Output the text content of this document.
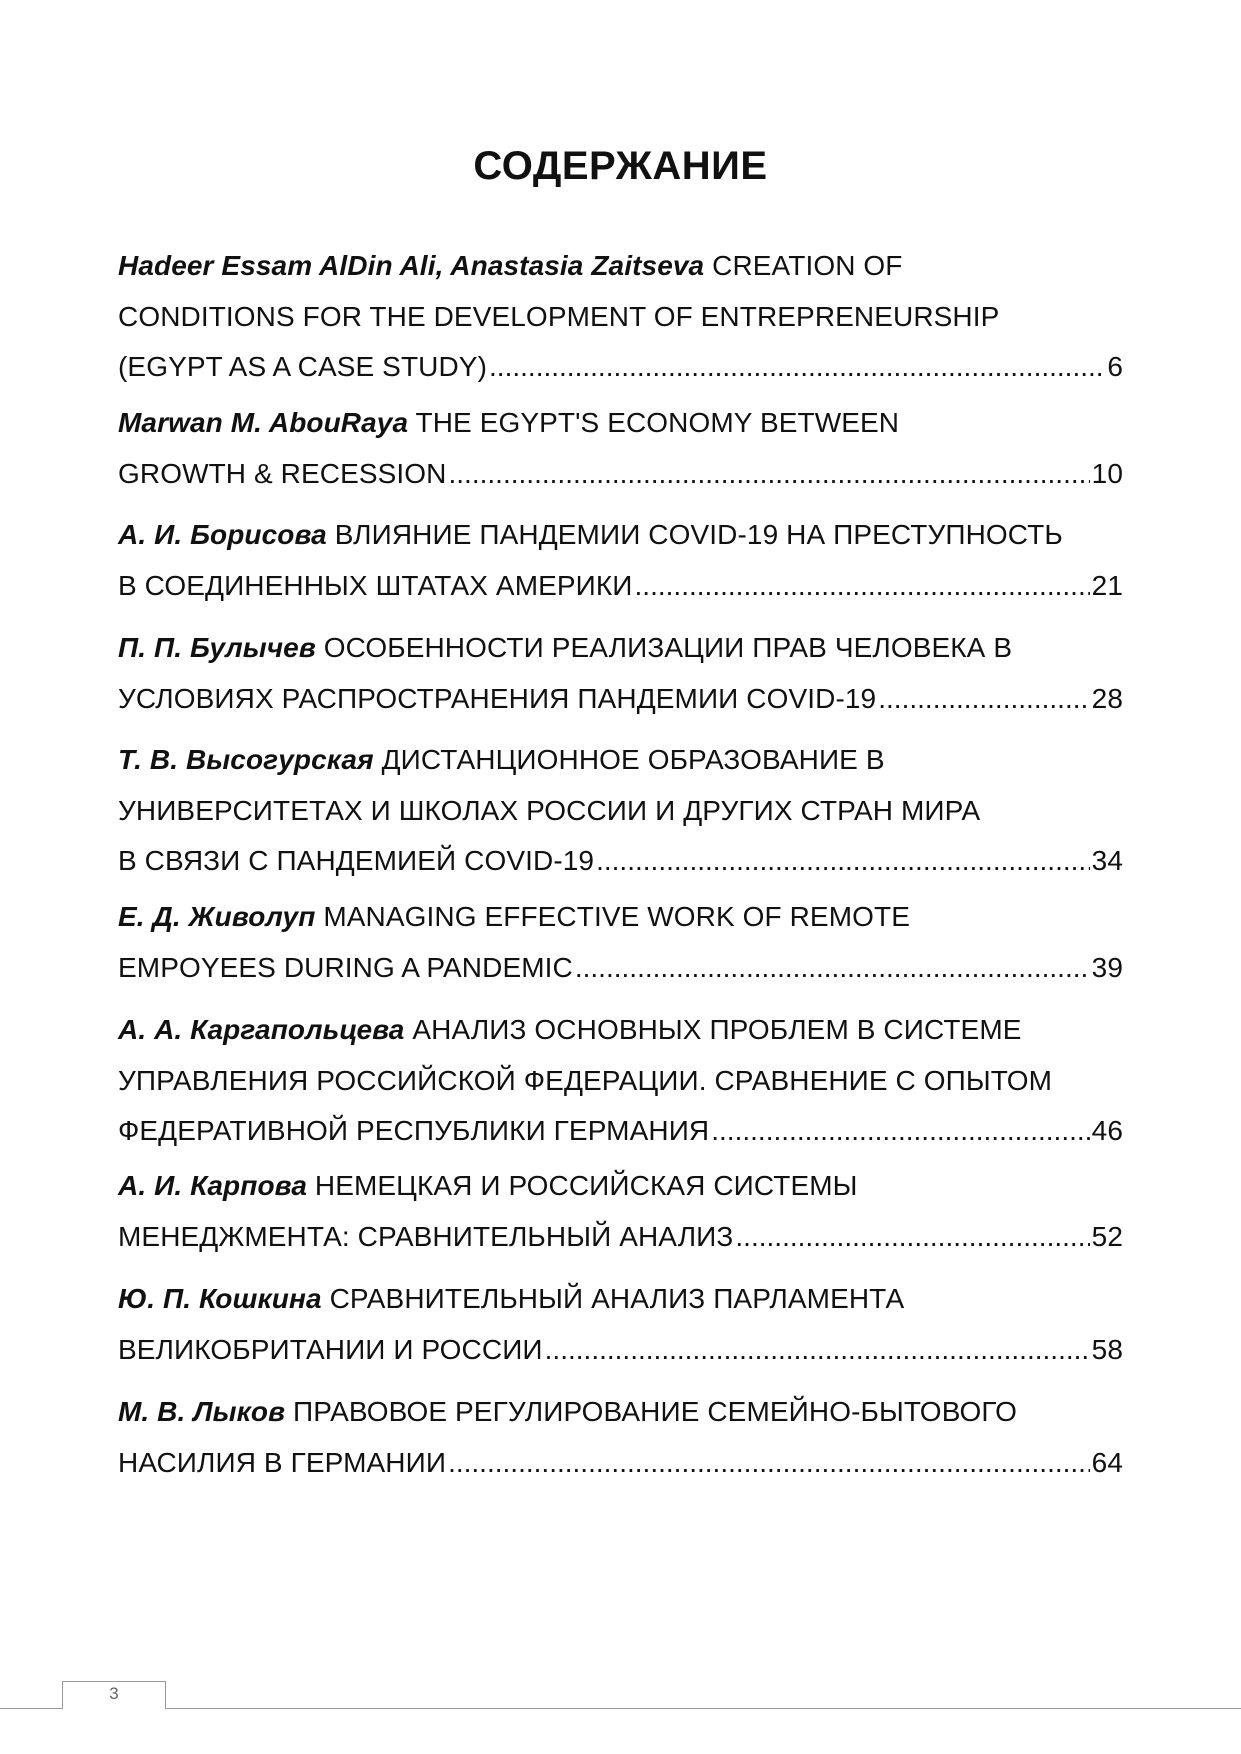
СОДЕРЖАНИЕ
Hadeer Essam AlDin Ali, Anastasia Zaitseva CREATION OF
CONDITIONS FOR THE DEVELOPMENT OF ENTREPRENEURSHIP
(EGYPT AS A CASE STUDY) .....	6
Marwan M. AbouRaya THE EGYPT'S ECONOMY BETWEEN
GROWTH & RECESSION .....	10
А. И. Борисова ВЛИЯНИЕ ПАНДЕМИИ COVID-19 НА ПРЕСТУПНОСТЬ
В СОЕДИНЕННЫХ ШТАТАХ АМЕРИКИ .....	21
П. П. Булычев ОСОБЕННОСТИ РЕАЛИЗАЦИИ ПРАВ ЧЕЛОВЕКА В
УСЛОВИЯХ РАСПРОСТРАНЕНИЯ ПАНДЕМИИ COVID-19 .....	28
Т. В. Высогурская ДИСТАНЦИОННОЕ ОБРАЗОВАНИЕ В
УНИВЕРСИТЕТАХ И ШКОЛАХ РОССИИ И ДРУГИХ СТРАН МИРА
В СВЯЗИ С ПАНДЕМИЕЙ COVID-19 .....	34
Е. Д. Живолуп MANAGING EFFECTIVE WORK OF REMOTE
EMPOYEES DURING A PANDEMIC .....	39
А. А. Каргапольцева АНАЛИЗ ОСНОВНЫХ ПРОБЛЕМ В СИСТЕМЕ
УПРАВЛЕНИЯ РОССИЙСКОЙ ФЕДЕРАЦИИ. СРАВНЕНИЕ С ОПЫТОМ
ФЕДЕРАТИВНОЙ РЕСПУБЛИКИ ГЕРМАНИЯ .....	46
А. И. Карпова НЕМЕЦКАЯ И РОССИЙСКАЯ СИСТЕМЫ
МЕНЕДЖМЕНТА: СРАВНИТЕЛЬНЫЙ АНАЛИЗ .....	52
Ю. П. Кошкина СРАВНИТЕЛЬНЫЙ АНАЛИЗ ПАРЛАМЕНТА
ВЕЛИКОБРИТАНИИ И РОССИИ .....	58
М. В. Лыков ПРАВОВОЕ РЕГУЛИРОВАНИЕ СЕМЕЙНО-БЫТОВОГО
НАСИЛИЯ В ГЕРМАНИИ .....	64
3
